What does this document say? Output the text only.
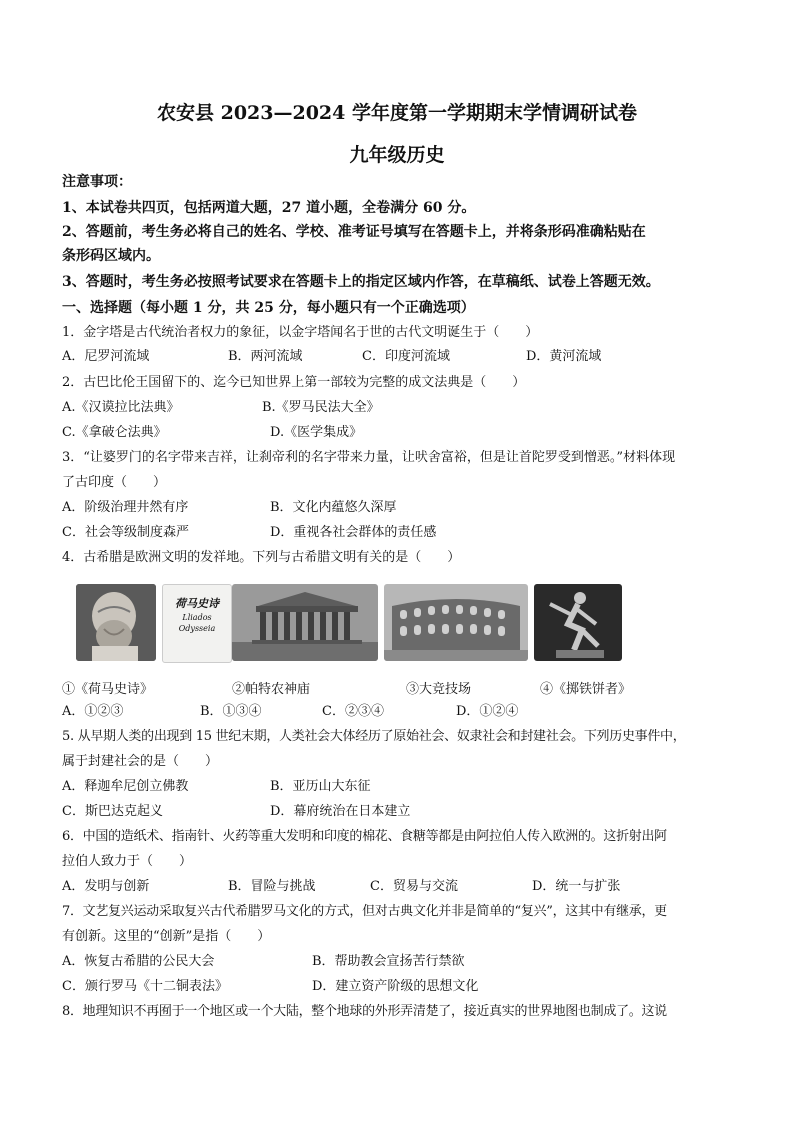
农安县 2023—2024 学年度第一学期期末学情调研试卷
九年级历史
注意事项：
1、本试卷共四页，包括两道大题，27 道小题，全卷满分 60 分。
2、答题前，考生务必将自己的姓名、学校、准考证号填写在答题卡上，并将条形码准确粘贴在
条形码区域内。
3、答题时，考生务必按照考试要求在答题卡上的指定区域内作答，在草稿纸、试卷上答题无效。
一、选择题（每小题 1 分，共 25 分，每小题只有一个正确选项）
1．金字塔是古代统治者权力的象征，以金字塔闻名于世的古代文明诞生于（　　）
A．尼罗河流域	B．两河流域	C．印度河流域	D．黄河流域
2．古巴比伦王国留下的、迄今已知世界上第一部较为完整的成文法典是（　　）
A.《汉谟拉比法典》	B.《罗马民法大全》
C.《拿破仑法典》	D.《医学集成》
3．“让婆罗门的名字带来吉祥，让刹帝利的名字带来力量，让吠舍富裕，但是让首陀罗受到憎恶。”材料体现
了古印度（　　）
A．阶级治理井然有序	B．文化内蕴悠久深厚
C．社会等级制度森严	D．重视各社会群体的责任感
4．古希腊是欧洲文明的发祥地。下列与古希腊文明有关的是（　　）
荷马史诗
Lliados
Odysseia
①《荷马史诗》	②帕特农神庙	③大竞技场	④《掷铁饼者》
A．①②③	B．①③④	C．②③④	D．①②④
5. 从早期人类的出现到 15 世纪末期，人类社会大体经历了原始社会、奴隶社会和封建社会。下列历史事件中，
属于封建社会的是（　　）
A．释迦牟尼创立佛教	B．亚历山大东征
C．斯巴达克起义	D．幕府统治在日本建立
6．中国的造纸术、指南针、火药等重大发明和印度的棉花、食糖等都是由阿拉伯人传入欧洲的。这折射出阿
拉伯人致力于（　　）
A．发明与创新	B．冒险与挑战	C．贸易与交流	D．统一与扩张
7．文艺复兴运动采取复兴古代希腊罗马文化的方式，但对古典文化并非是简单的“复兴”，这其中有继承，更
有创新。这里的“创新”是指（　　）
A．恢复古希腊的公民大会	B．帮助教会宣扬苦行禁欲
C．颁行罗马《十二铜表法》	D．建立资产阶级的思想文化
8．地理知识不再囿于一个地区或一个大陆，整个地球的外形弄清楚了，接近真实的世界地图也制成了。这说
